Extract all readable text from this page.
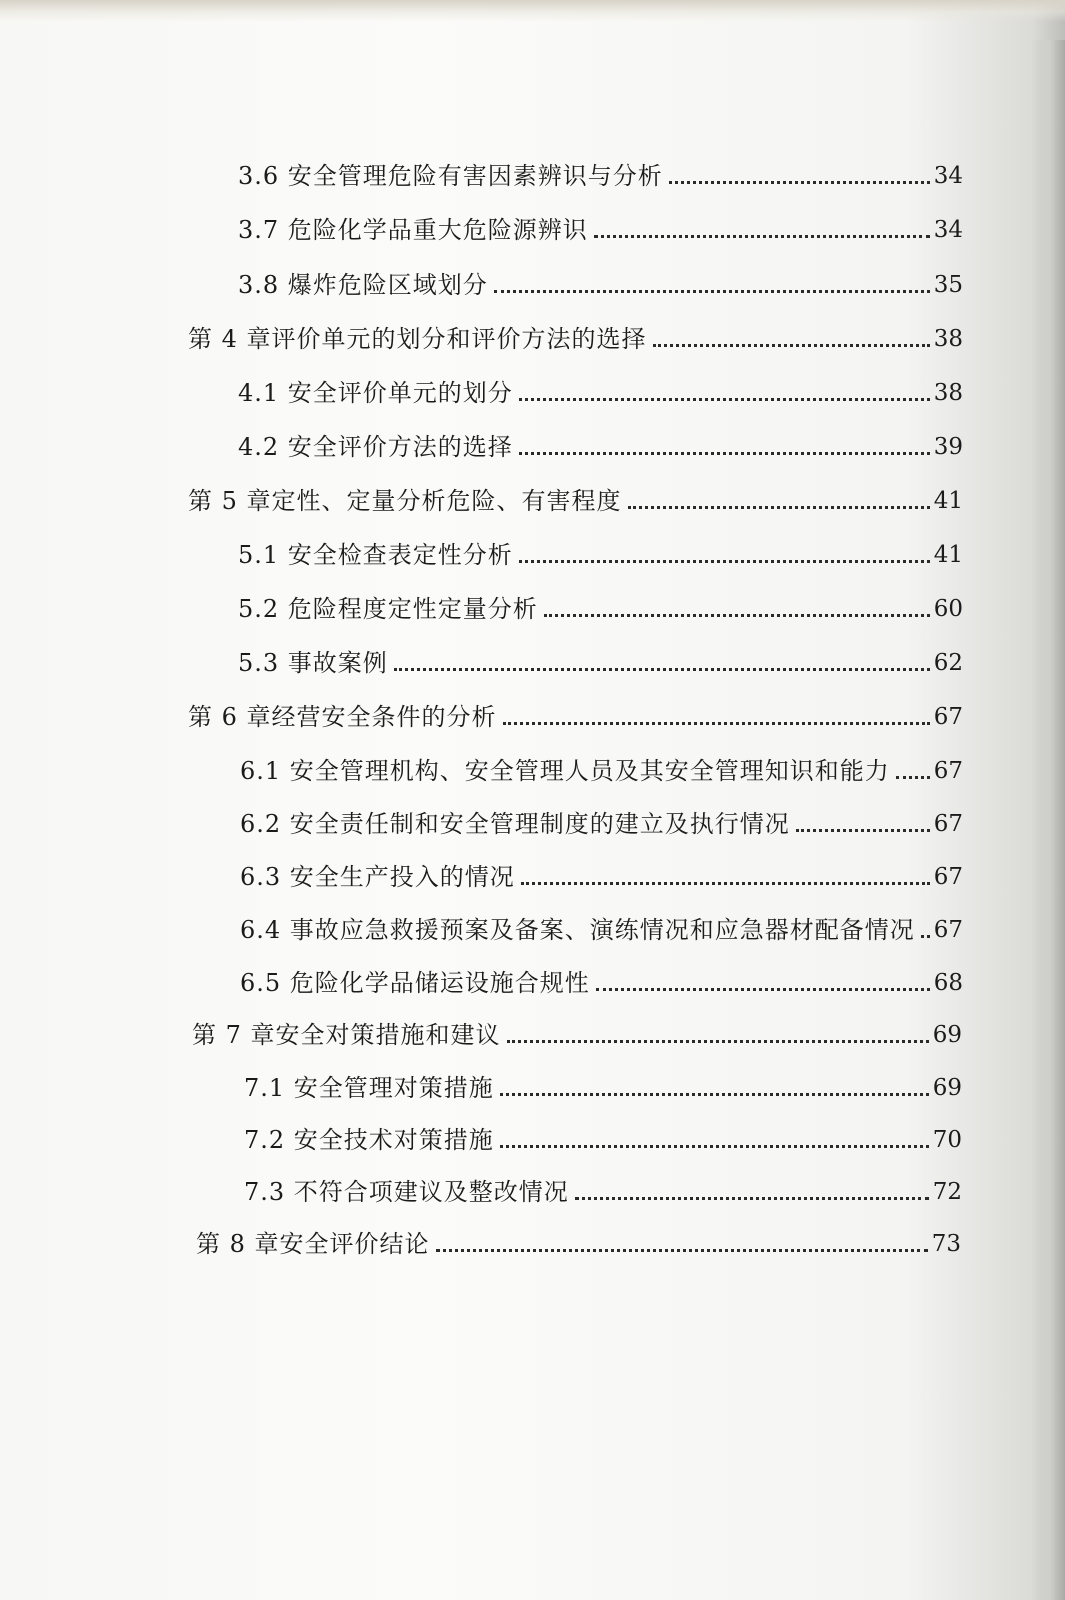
3.6 安全管理危险有害因素辨识与分析	34
3.7 危险化学品重大危险源辨识	34
3.8 爆炸危险区域划分	35
第 4 章评价单元的划分和评价方法的选择	38
4.1 安全评价单元的划分	38
4.2 安全评价方法的选择	39
第 5 章定性、定量分析危险、有害程度	41
5.1 安全检查表定性分析	41
5.2 危险程度定性定量分析	60
5.3 事故案例	62
第 6 章经营安全条件的分析	67
6.1 安全管理机构、安全管理人员及其安全管理知识和能力 67
6.2 安全责任制和安全管理制度的建立及执行情况	67
6.3 安全生产投入的情况	67
6.4 事故应急救援预案及备案、演练情况和应急器材配备情况 67
6.5 危险化学品储运设施合规性	68
第 7 章安全对策措施和建议	69
7.1 安全管理对策措施	69
7.2 安全技术对策措施	70
7.3 不符合项建议及整改情况	72
第 8 章安全评价结论	73
